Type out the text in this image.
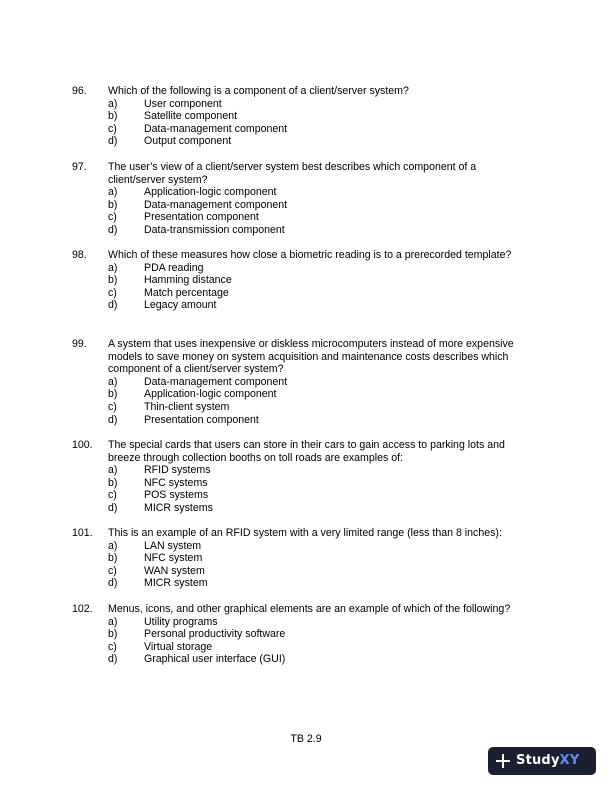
96.	Which of the following is a component of a client/server system?
a)	User component
b)	Satellite component
c)	Data-management component
d)	Output component
97.	The user’s view of a client/server system best describes which component of a client/server system?
a)	Application-logic component
b)	Data-management component
c)	Presentation component
d)	Data-transmission component
98.	Which of these measures how close a biometric reading is to a prerecorded template?
a)	PDA reading
b)	Hamming distance
c)	Match percentage
d)	Legacy amount
99.	A system that uses inexpensive or diskless microcomputers instead of more expensive models to save money on system acquisition and maintenance costs describes which component of a client/server system?
a)	Data-management component
b)	Application-logic component
c)	Thin-client system
d)	Presentation component
100.	The special cards that users can store in their cars to gain access to parking lots and breeze through collection booths on toll roads are examples of:
a)	RFID systems
b)	NFC systems
c)	POS systems
d)	MICR systems
101.	This is an example of an RFID system with a very limited range (less than 8 inches):
a)	LAN system
b)	NFC system
c)	WAN system
d)	MICR system
102.	Menus, icons, and other graphical elements are an example of which of the following?
a)	Utility programs
b)	Personal productivity software
c)	Virtual storage
d)	Graphical user interface (GUI)
TB 2.9
StudyXY
